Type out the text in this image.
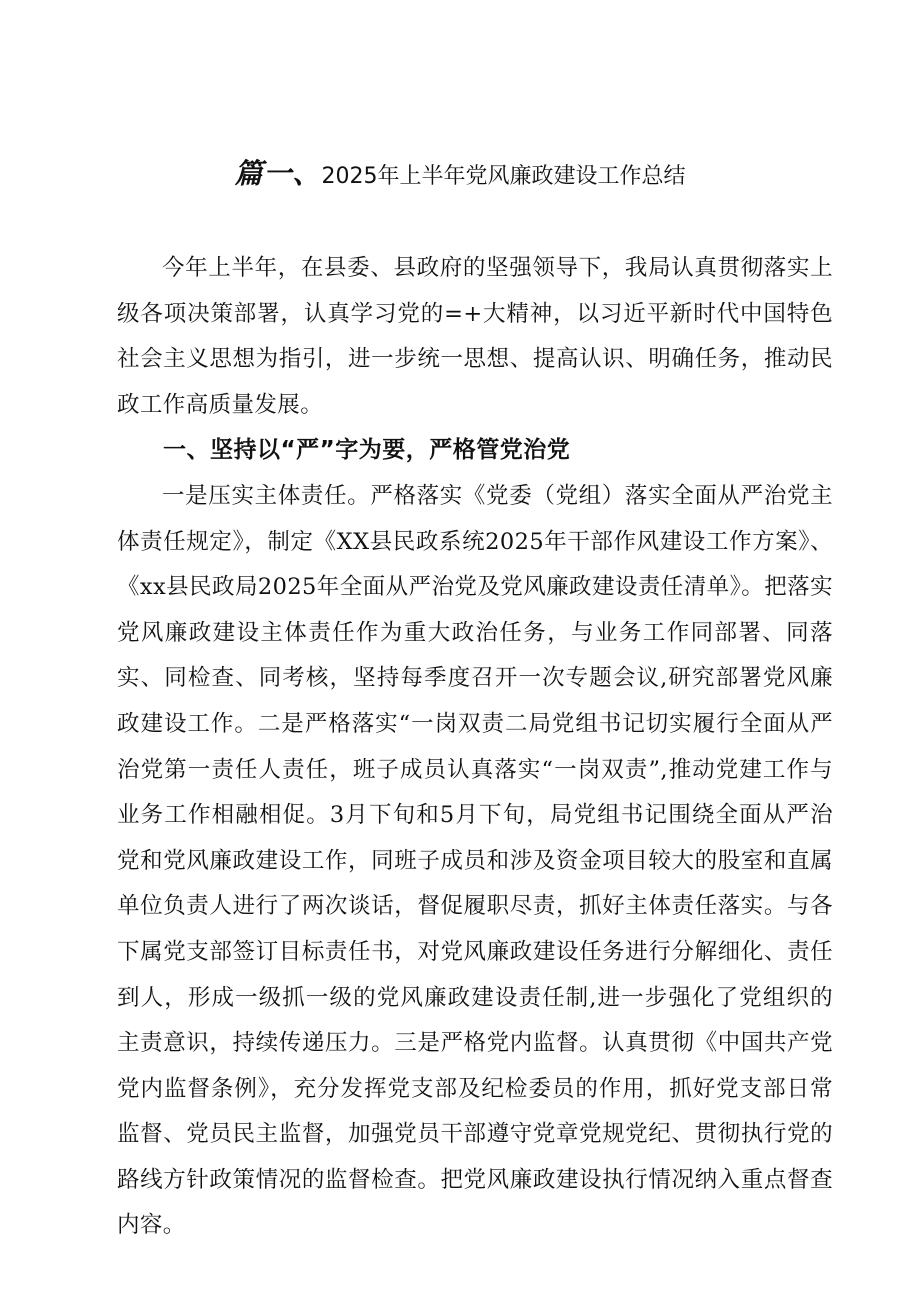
篇一、2025年上半年党风廉政建设工作总结

今年上半年，在县委、县政府的坚强领导下，我局认真贯彻落实上级各项决策部署，认真学习党的=+大精神，以习近平新时代中国特色社会主义思想为指引，进一步统一思想、提高认识、明确任务，推动民政工作高质量发展。

一、坚持以“严”字为要，严格管党治党

一是压实主体责任。严格落实《党委（党组）落实全面从严治党主体责任规定》，制定《XX县民政系统2025年干部作风建设工作方案》、《xx县民政局2025年全面从严治党及党风廉政建设责任清单》。把落实党风廉政建设主体责任作为重大政治任务，与业务工作同部署、同落实、同检查、同考核，坚持每季度召开一次专题会议,研究部署党风廉政建设工作。二是严格落实“一岗双责二局党组书记切实履行全面从严治党第一责任人责任，班子成员认真落实“一岗双责”,推动党建工作与业务工作相融相促。3月下旬和5月下旬，局党组书记围绕全面从严治党和党风廉政建设工作，同班子成员和涉及资金项目较大的股室和直属单位负责人进行了两次谈话，督促履职尽责，抓好主体责任落实。与各下属党支部签订目标责任书，对党风廉政建设任务进行分解细化、责任到人，形成一级抓一级的党风廉政建设责任制,进一步强化了党组织的主责意识，持续传递压力。三是严格党内监督。认真贯彻《中国共产党党内监督条例》，充分发挥党支部及纪检委员的作用，抓好党支部日常监督、党员民主监督，加强党员干部遵守党章党规党纪、贯彻执行党的路线方针政策情况的监督检查。把党风廉政建设执行情况纳入重点督查内容。
